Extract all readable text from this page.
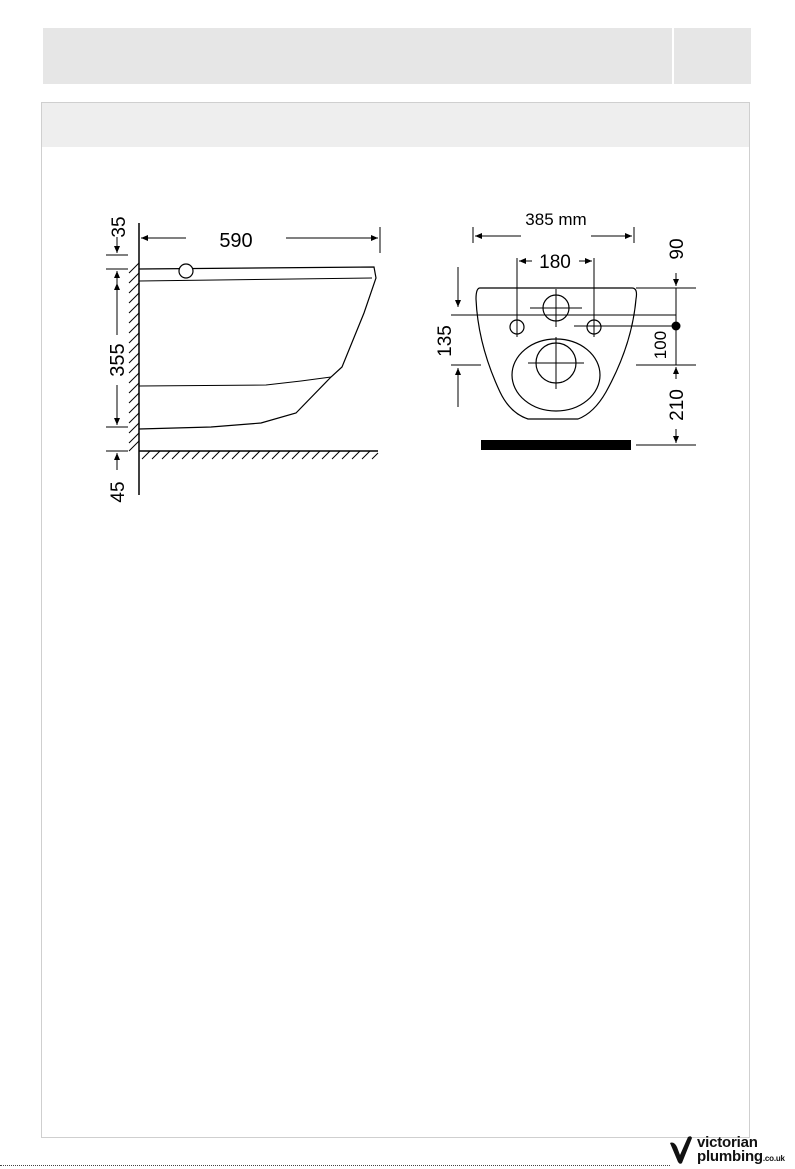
35
590
355
45
385 mm
180
90
100
210
135
victorian
plumbing.co.uk
